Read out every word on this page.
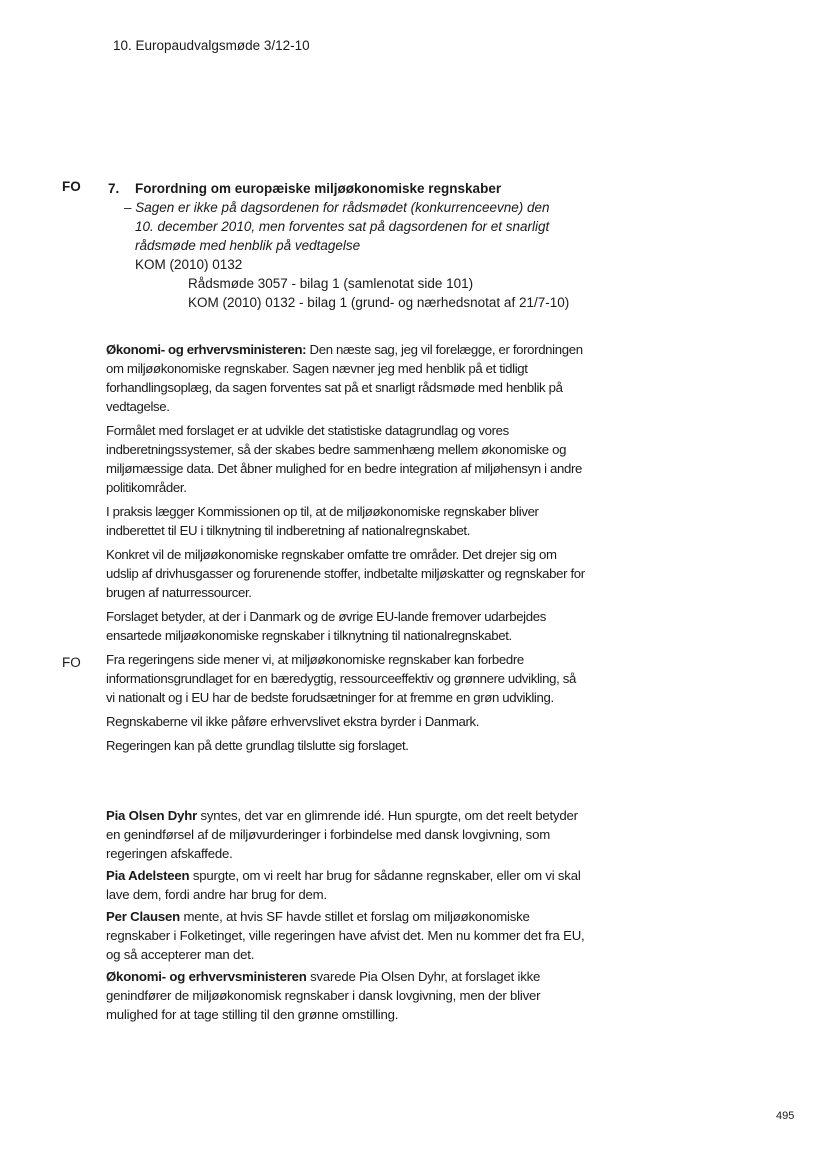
10. Europaudvalgsmøde 3/12-10
FO
FO
7. Forordning om europæiske miljøøkonomiske regnskaber
– Sagen er ikke på dagsordenen for rådsmødet (konkurrenceevne) den
10. december 2010, men forventes sat på dagsordenen for et snarligt
rådsmøde med henblik på vedtagelse
KOM (2010) 0132
Rådsmøde 3057 - bilag 1 (samlenotat side 101)
KOM (2010) 0132 - bilag 1 (grund- og nærhedsnotat af 21/7-10)

Økonomi- og erhvervsministeren: Den næste sag, jeg vil forelægge, er forordningen om miljøøkonomiske regnskaber. Sagen nævner jeg med henblik på et tidligt forhandlingsoplæg, da sagen forventes sat på et snarligt rådsmøde med henblik på vedtagelse.

Formålet med forslaget er at udvikle det statistiske datagrundlag og vores indberetningssystemer, så der skabes bedre sammenhæng mellem økonomiske og miljømæssige data. Det åbner mulighed for en bedre integration af miljøhensyn i andre politikområder.

I praksis lægger Kommissionen op til, at de miljøøkonomiske regnskaber bliver indberettet til EU i tilknytning til indberetning af nationalregnskabet.

Konkret vil de miljøøkonomiske regnskaber omfatte tre områder. Det drejer sig om udslip af drivhusgasser og forurenende stoffer, indbetalte miljøskatter og regnskaber for brugen af naturressourcer.

Forslaget betyder, at der i Danmark og de øvrige EU-lande fremover udarbejdes ensartede miljøøkonomiske regnskaber i tilknytning til nationalregnskabet.

Fra regeringens side mener vi, at miljøøkonomiske regnskaber kan forbedre informationsgrundlaget for en bæredygtig, ressourceeffektiv og grønnere udvikling, så vi nationalt og i EU har de bedste forudsætninger for at fremme en grøn udvikling.

Regnskaberne vil ikke påføre erhvervslivet ekstra byrder i Danmark.

Regeringen kan på dette grundlag tilslutte sig forslaget.

Pia Olsen Dyhr syntes, det var en glimrende idé. Hun spurgte, om det reelt betyder en genindførsel af de miljøvurderinger i forbindelse med dansk lovgivning, som regeringen afskaffede.

Pia Adelsteen spurgte, om vi reelt har brug for sådanne regnskaber, eller om vi skal lave dem, fordi andre har brug for dem.

Per Clausen mente, at hvis SF havde stillet et forslag om miljøøkonomiske regnskaber i Folketinget, ville regeringen have afvist det. Men nu kommer det fra EU, og så accepterer man det.

Økonomi- og erhvervsministeren svarede Pia Olsen Dyhr, at forslaget ikke genindfører de miljøøkonomisk regnskaber i dansk lovgivning, men der bliver mulighed for at tage stilling til den grønne omstilling.

495
